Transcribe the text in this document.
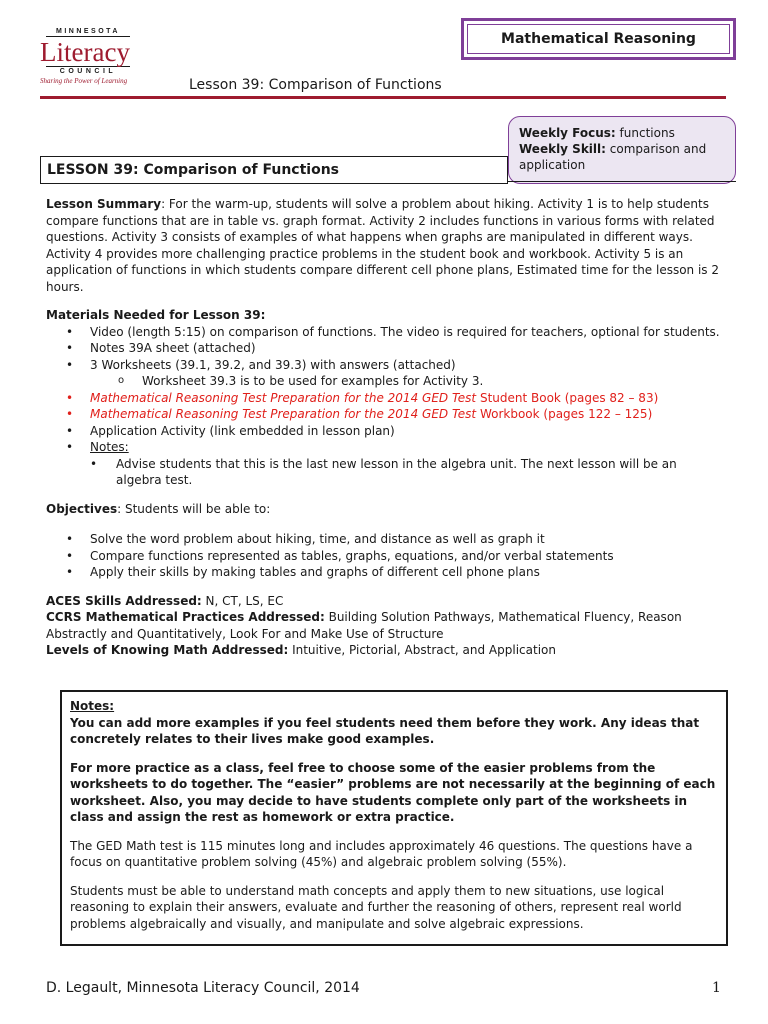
MINNESOTA
Literacy
COUNCIL
Sharing the Power of Learning
Mathematical Reasoning
Lesson 39: Comparison of Functions
Weekly Focus: functions
Weekly Skill: comparison and application
LESSON 39: Comparison of Functions
Lesson Summary: For the warm-up, students will solve a problem about hiking. Activity 1 is to help students compare functions that are in table vs. graph format. Activity 2 includes functions in various forms with related questions. Activity 3 consists of examples of what happens when graphs are manipulated in different ways. Activity 4 provides more challenging practice problems in the student book and workbook. Activity 5 is an application of functions in which students compare different cell phone plans, Estimated time for the lesson is 2 hours.
Materials Needed for Lesson 39:
• Video (length 5:15) on comparison of functions. The video is required for teachers, optional for students.
• Notes 39A sheet (attached)
• 3 Worksheets (39.1, 39.2, and 39.3) with answers (attached)
o Worksheet 39.3 is to be used for examples for Activity 3.
• Mathematical Reasoning Test Preparation for the 2014 GED Test Student Book (pages 82 – 83)
• Mathematical Reasoning Test Preparation for the 2014 GED Test Workbook (pages 122 – 125)
• Application Activity (link embedded in lesson plan)
• Notes:
• Advise students that this is the last new lesson in the algebra unit. The next lesson will be an algebra test.
Objectives: Students will be able to:
• Solve the word problem about hiking, time, and distance as well as graph it
• Compare functions represented as tables, graphs, equations, and/or verbal statements
• Apply their skills by making tables and graphs of different cell phone plans
ACES Skills Addressed: N, CT, LS, EC
CCRS Mathematical Practices Addressed: Building Solution Pathways, Mathematical Fluency, Reason Abstractly and Quantitatively, Look For and Make Use of Structure
Levels of Knowing Math Addressed: Intuitive, Pictorial, Abstract, and Application
Notes:

You can add more examples if you feel students need them before they work. Any ideas that concretely relates to their lives make good examples.

For more practice as a class, feel free to choose some of the easier problems from the worksheets to do together. The “easier” problems are not necessarily at the beginning of each worksheet. Also, you may decide to have students complete only part of the worksheets in class and assign the rest as homework or extra practice.

The GED Math test is 115 minutes long and includes approximately 46 questions. The questions have a focus on quantitative problem solving (45%) and algebraic problem solving (55%).

Students must be able to understand math concepts and apply them to new situations, use logical reasoning to explain their answers, evaluate and further the reasoning of others, represent real world problems algebraically and visually, and manipulate and solve algebraic expressions.

D. Legault, Minnesota Literacy Council, 2014	1
